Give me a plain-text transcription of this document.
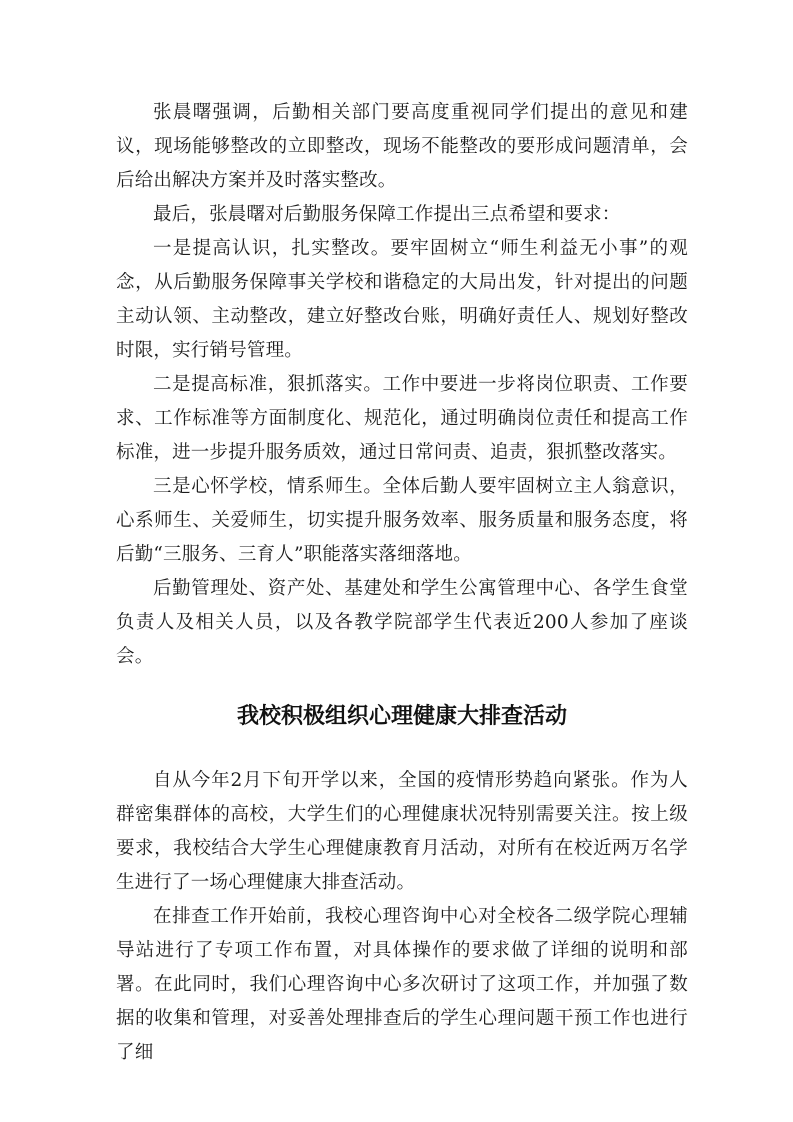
张晨曙强调，后勤相关部门要高度重视同学们提出的意见和建议，现场能够整改的立即整改，现场不能整改的要形成问题清单，会后给出解决方案并及时落实整改。

最后，张晨曙对后勤服务保障工作提出三点希望和要求：

一是提高认识，扎实整改。要牢固树立“师生利益无小事”的观念，从后勤服务保障事关学校和谐稳定的大局出发，针对提出的问题主动认领、主动整改，建立好整改台账，明确好责任人、规划好整改时限，实行销号管理。

二是提高标准，狠抓落实。工作中要进一步将岗位职责、工作要求、工作标准等方面制度化、规范化，通过明确岗位责任和提高工作标准，进一步提升服务质效，通过日常问责、追责，狠抓整改落实。

三是心怀学校，情系师生。全体后勤人要牢固树立主人翁意识，心系师生、关爱师生，切实提升服务效率、服务质量和服务态度，将后勤“三服务、三育人”职能落实落细落地。

后勤管理处、资产处、基建处和学生公寓管理中心、各学生食堂负责人及相关人员，以及各教学院部学生代表近200人参加了座谈会。

我校积极组织心理健康大排查活动

自从今年2月下旬开学以来，全国的疫情形势趋向紧张。作为人群密集群体的高校，大学生们的心理健康状况特别需要关注。按上级要求，我校结合大学生心理健康教育月活动，对所有在校近两万名学生进行了一场心理健康大排查活动。

在排查工作开始前，我校心理咨询中心对全校各二级学院心理辅导站进行了专项工作布置，对具体操作的要求做了详细的说明和部署。在此同时，我们心理咨询中心多次研讨了这项工作，并加强了数据的收集和管理，对妥善处理排查后的学生心理问题干预工作也进行了细
